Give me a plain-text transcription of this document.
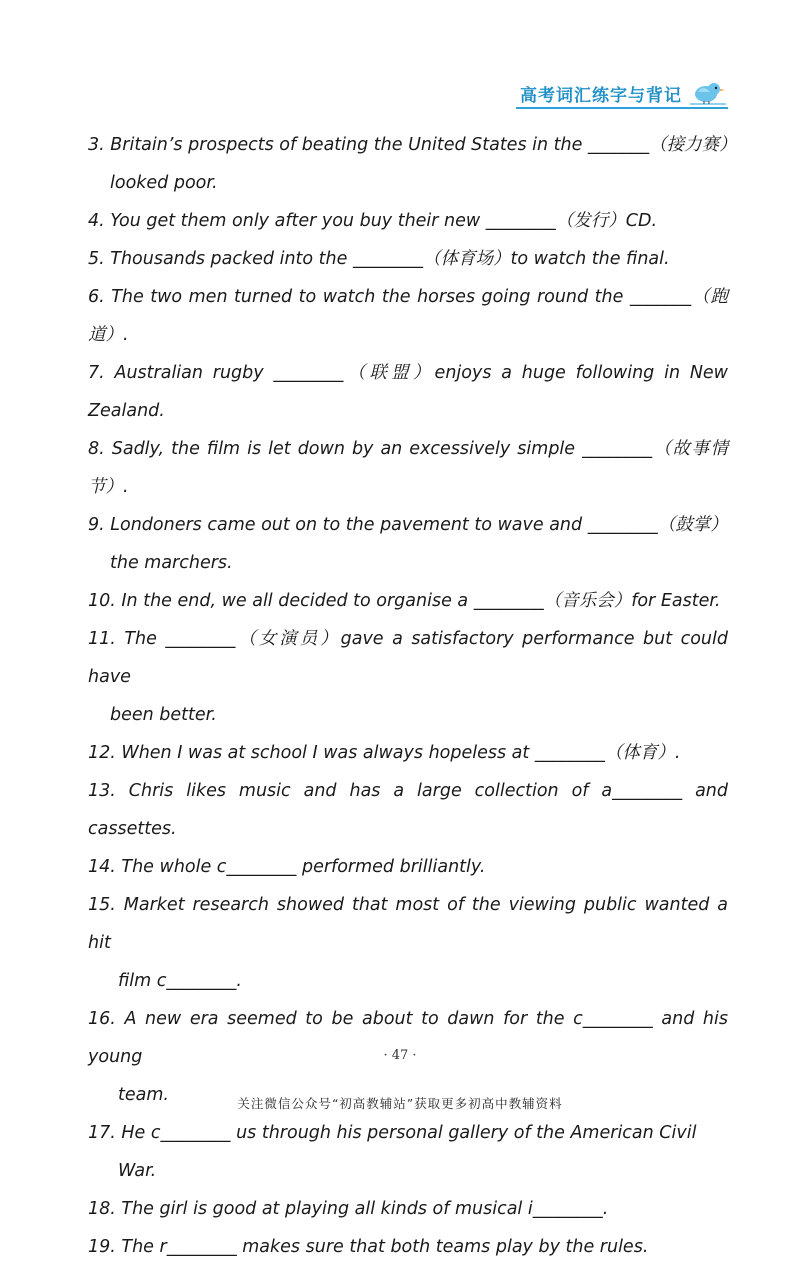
高考词汇练字与背记
3. Britain’s prospects of beating the United States in the _______（接力赛）
looked poor.
4. You get them only after you buy their new ________（发行）CD.
5. Thousands packed into the ________（体育场）to watch the final.
6. The two men turned to watch the horses going round the _______（跑道）.
7. Australian rugby ________（联盟）enjoys a huge following in New Zealand.
8. Sadly, the film is let down by an excessively simple ________（故事情节）.
9. Londoners came out on to the pavement to wave and ________（鼓掌）
the marchers.
10. In the end, we all decided to organise a ________（音乐会）for Easter.
11. The ________（女演员）gave a satisfactory performance but could have
been better.
12. When I was at school I was always hopeless at ________（体育）.
13. Chris likes music and has a large collection of a________ and cassettes.
14. The whole c________ performed brilliantly.
15. Market research showed that most of the viewing public wanted a hit
film c________.
16. A new era seemed to be about to dawn for the c________ and his young
team.
17. He c________ us through his personal gallery of the American Civil
War.
18. The girl is good at playing all kinds of musical i________.
19. The r________ makes sure that both teams play by the rules.
· 47 ·
关注微信公众号“初高教辅站”获取更多初高中教辅资料
